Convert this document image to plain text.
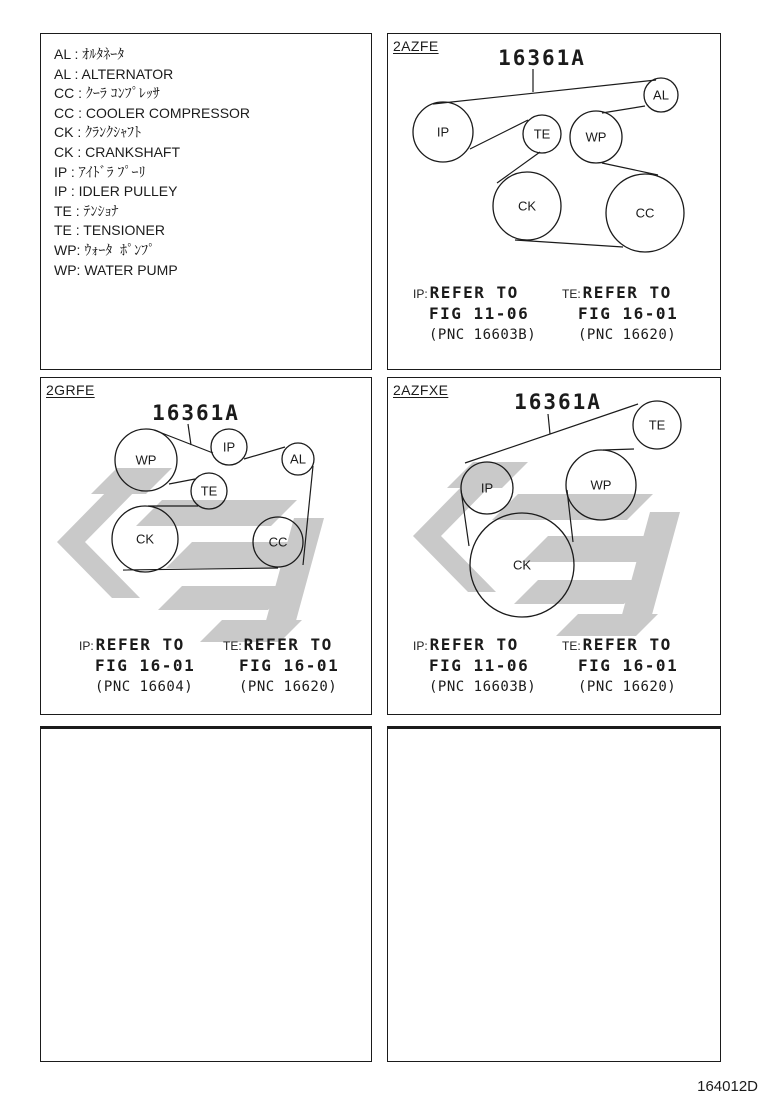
AL : ｵﾙﾀﾈｰﾀ
AL : ALTERNATOR
CC : ｸｰﾗ ｺﾝﾌﾟﾚｯｻ
CC : COOLER COMPRESSOR
CK : ｸﾗﾝｸｼｬﾌﾄ
CK : CRANKSHAFT
IP : ｱｲﾄﾞﾗ ﾌﾟｰﾘ
IP : IDLER PULLEY
TE : ﾃﾝｼｮﾅ
TE : TENSIONER
WP: ｳｫｰﾀ  ﾎﾟﾝﾌﾟ
WP: WATER PUMP
16361A
IP	TE	WP
AL
CK	CC
2AZFE
IP: REFER TO
FIG 11-06
(PNC 16603B)
TE: REFER TO
FIG 16-01
(PNC 16620)
16361A
WP
IP
AL
TE
CK	CC
2GRFE
IP: REFER TO
FIG 16-01
(PNC 16604)
TE: REFER TO
FIG 16-01
(PNC 16620)
16361A
TE
IP	WP
CK
2AZFXE
IP: REFER TO
FIG 11-06
(PNC 16603B)
TE: REFER TO
FIG 16-01
(PNC 16620)
164012D
